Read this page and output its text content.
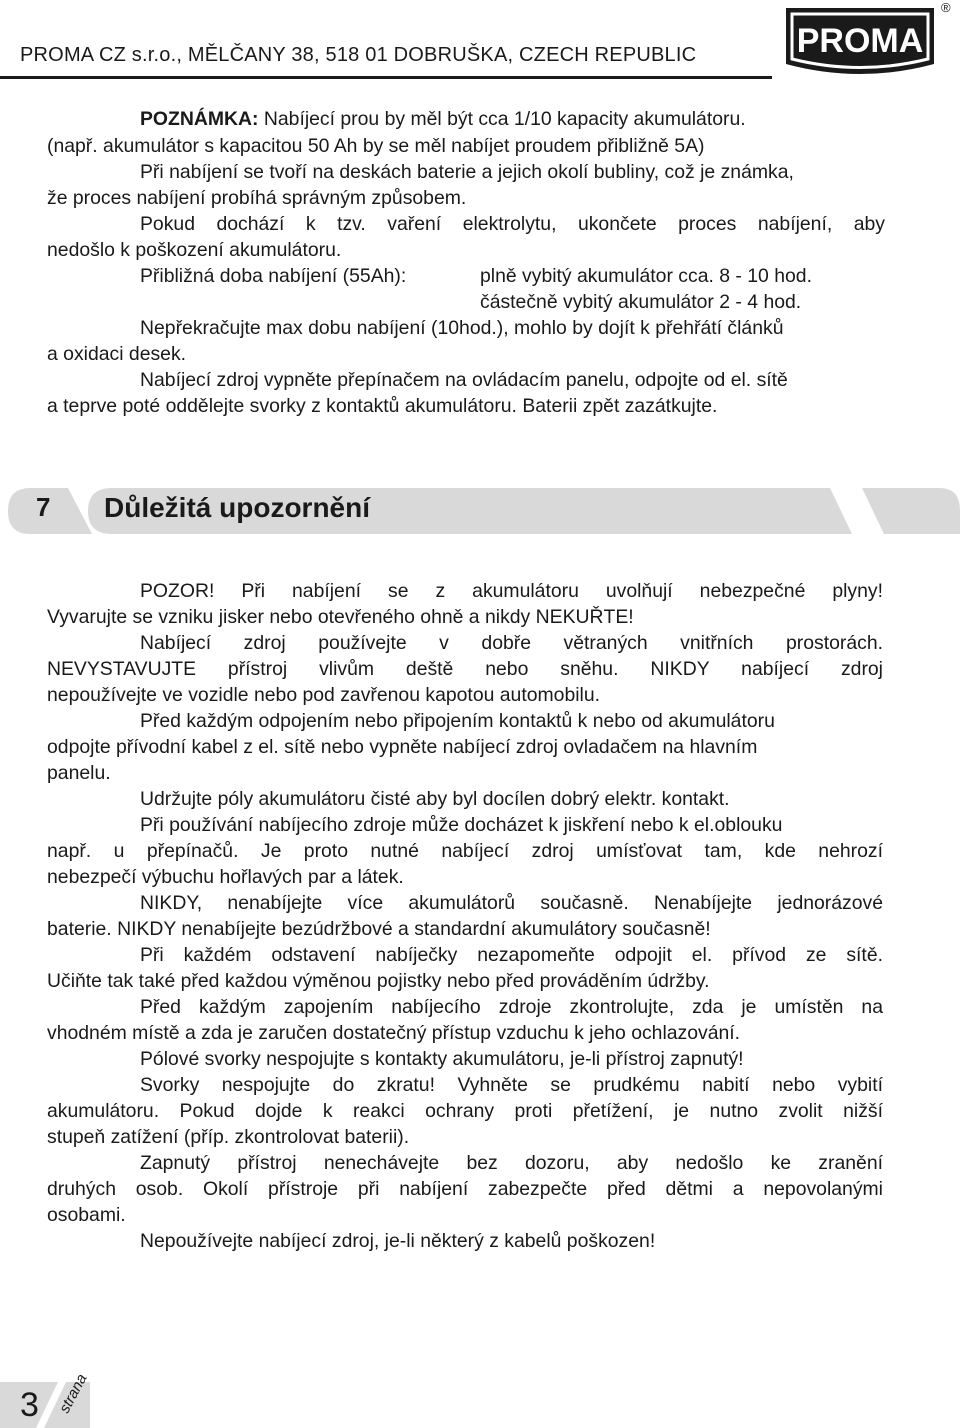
PROMA CZ s.r.o., MĚLČANY 38, 518 01 DOBRUŠKA, CZECH REPUBLIC	PROMA
®
POZNÁMKA: Nabíjecí prou by měl být cca 1/10 kapacity akumulátoru.
(např. akumulátor s kapacitou 50 Ah by se měl nabíjet proudem přibližně 5A)
Při nabíjení se tvoří na deskách baterie a jejich okolí bubliny, což je známka,
že proces nabíjení probíhá správným způsobem.
Pokud dochází k tzv. vaření elektrolytu, ukončete proces nabíjení, aby
nedošlo k poškození akumulátoru.
Přibližná doba nabíjení (55Ah):	plně vybitý akumulátor cca. 8 - 10 hod.
částečně vybitý akumulátor 2 - 4 hod.
Nepřekračujte max dobu nabíjení (10hod.), mohlo by dojít k přehřátí článků
a oxidaci desek.
Nabíjecí zdroj vypněte přepínačem na ovládacím panelu, odpojte od el. sítě
a teprve poté oddělejte svorky z kontaktů akumulátoru. Baterii zpět zazátkujte.
7 Důležitá upozornění
POZOR! Při nabíjení se z akumulátoru uvolňují nebezpečné plyny!
Vyvarujte se vzniku jisker nebo otevřeného ohně a nikdy NEKUŘTE!
Nabíjecí zdroj používejte v dobře větraných vnitřních prostorách.
NEVYSTAVUJTE přístroj vlivům deště nebo sněhu. NIKDY nabíjecí zdroj
nepoužívejte ve vozidle nebo pod zavřenou kapotou automobilu.
Před každým odpojením nebo připojením kontaktů k nebo od akumulátoru
odpojte přívodní kabel z el. sítě nebo vypněte nabíjecí zdroj ovladačem na hlavním
panelu.
Udržujte póly akumulátoru čisté aby byl docílen dobrý elektr. kontakt.
Při používání nabíjecího zdroje může docházet k jiskření nebo k el.oblouku
např. u přepínačů. Je proto nutné nabíjecí zdroj umísťovat tam, kde nehrozí
nebezpečí výbuchu hořlavých par a látek.
NIKDY, nenabíjejte více akumulátorů současně. Nenabíjejte jednorázové
baterie. NIKDY nenabíjejte bezúdržbové a standardní akumulátory současně!
Při každém odstavení nabíječky nezapomeňte odpojit el. přívod ze sítě.
Učiňte tak také před každou výměnou pojistky nebo před prováděním údržby.
Před každým zapojením nabíjecího zdroje zkontrolujte, zda je umístěn na
vhodném místě a zda je zaručen dostatečný přístup vzduchu k jeho ochlazování.
Pólové svorky nespojujte s kontakty akumulátoru, je-li přístroj zapnutý!
Svorky nespojujte do zkratu! Vyhněte se prudkému nabití nebo vybití
akumulátoru. Pokud dojde k reakci ochrany proti přetížení, je nutno zvolit nižší
stupeň zatížení (příp. zkontrolovat baterii).
Zapnutý přístroj nenechávejte bez dozoru, aby nedošlo ke zranění
druhých osob. Okolí přístroje při nabíjení zabezpečte před dětmi a nepovolanými
osobami.
Nepoužívejte nabíjecí zdroj, je-li některý z kabelů poškozen!
3 strana
